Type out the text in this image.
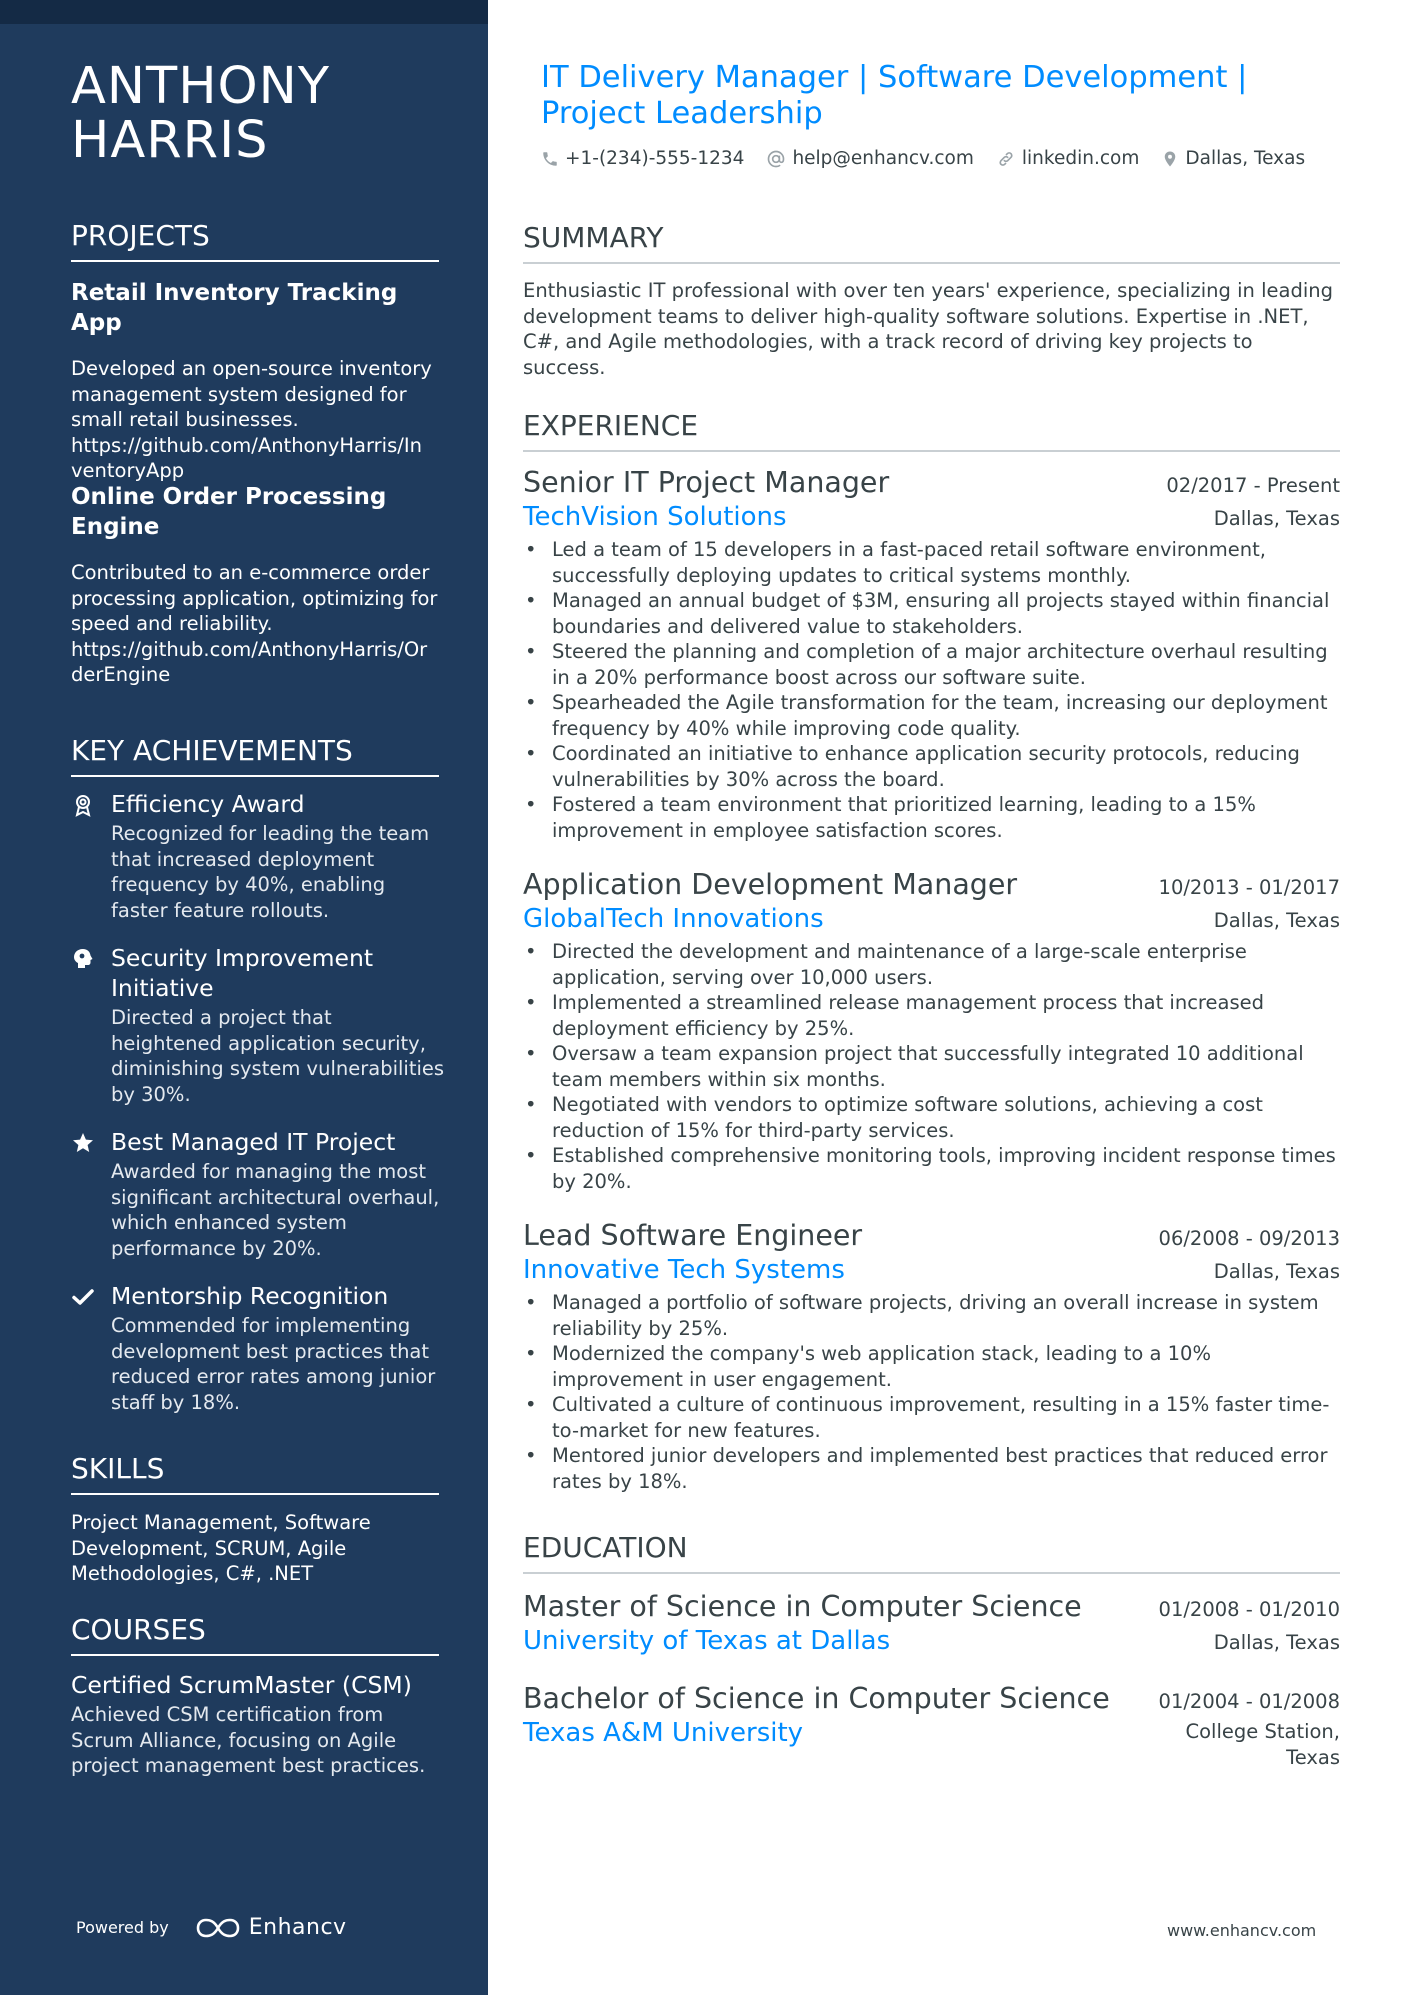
ANTHONY
HARRIS
PROJECTS
Retail Inventory Tracking App
Developed an open-source inventory management system designed for small retail businesses.
https://github.com/AnthonyHarris/In
ventoryApp
Online Order Processing
Engine
Contributed to an e-commerce order processing application, optimizing for speed and reliability.
https://github.com/AnthonyHarris/Or
derEngine
KEY ACHIEVEMENTS
Efficiency Award
Recognized for leading the team that increased deployment frequency by 40%, enabling faster feature rollouts.
Security Improvement Initiative
Directed a project that heightened application security, diminishing system vulnerabilities by 30%.
Best Managed IT Project
Awarded for managing the most significant architectural overhaul, which enhanced system performance by 20%.
Mentorship Recognition
Commended for implementing development best practices that reduced error rates among junior staff by 18%.
SKILLS
Project Management, Software Development, SCRUM, Agile Methodologies, C#, .NET
COURSES
Certified ScrumMaster (CSM)
Achieved CSM certification from Scrum Alliance, focusing on Agile project management best practices.
Powered by	Enhancv
IT Delivery Manager | Software Development | Project Leadership
+1-(234)-555-1234	help@enhancv.com	linkedin.com Dallas, Texas
SUMMARY
Enthusiastic IT professional with over ten years' experience, specializing in leading development teams to deliver high-quality software solutions. Expertise in .NET, C#, and Agile methodologies, with a track record of driving key projects to success.
EXPERIENCE
Senior IT Project Manager	02/2017 - Present
TechVision Solutions	Dallas, Texas
• Led a team of 15 developers in a fast-paced retail software environment, successfully deploying updates to critical systems monthly.
• Managed an annual budget of $3M, ensuring all projects stayed within financial boundaries and delivered value to stakeholders.
• Steered the planning and completion of a major architecture overhaul resulting in a 20% performance boost across our software suite.
• Spearheaded the Agile transformation for the team, increasing our deployment frequency by 40% while improving code quality.
• Coordinated an initiative to enhance application security protocols, reducing vulnerabilities by 30% across the board.
• Fostered a team environment that prioritized learning, leading to a 15% improvement in employee satisfaction scores.
Application Development Manager	10/2013 - 01/2017
GlobalTech Innovations	Dallas, Texas
• Directed the development and maintenance of a large-scale enterprise application, serving over 10,000 users.
• Implemented a streamlined release management process that increased deployment efficiency by 25%.
• Oversaw a team expansion project that successfully integrated 10 additional team members within six months.
• Negotiated with vendors to optimize software solutions, achieving a cost reduction of 15% for third-party services.
• Established comprehensive monitoring tools, improving incident response times by 20%.
Lead Software Engineer	06/2008 - 09/2013
Innovative Tech Systems	Dallas, Texas
• Managed a portfolio of software projects, driving an overall increase in system reliability by 25%.
• Modernized the company's web application stack, leading to a 10% improvement in user engagement.
• Cultivated a culture of continuous improvement, resulting in a 15% faster time-to-market for new features.
• Mentored junior developers and implemented best practices that reduced error rates by 18%.
EDUCATION
Master of Science in Computer Science	01/2008 - 01/2010
University of Texas at Dallas	Dallas, Texas
Bachelor of Science in Computer Science	01/2004 - 01/2008
Texas A&M University	College Station,
Texas
www.enhancv.com
